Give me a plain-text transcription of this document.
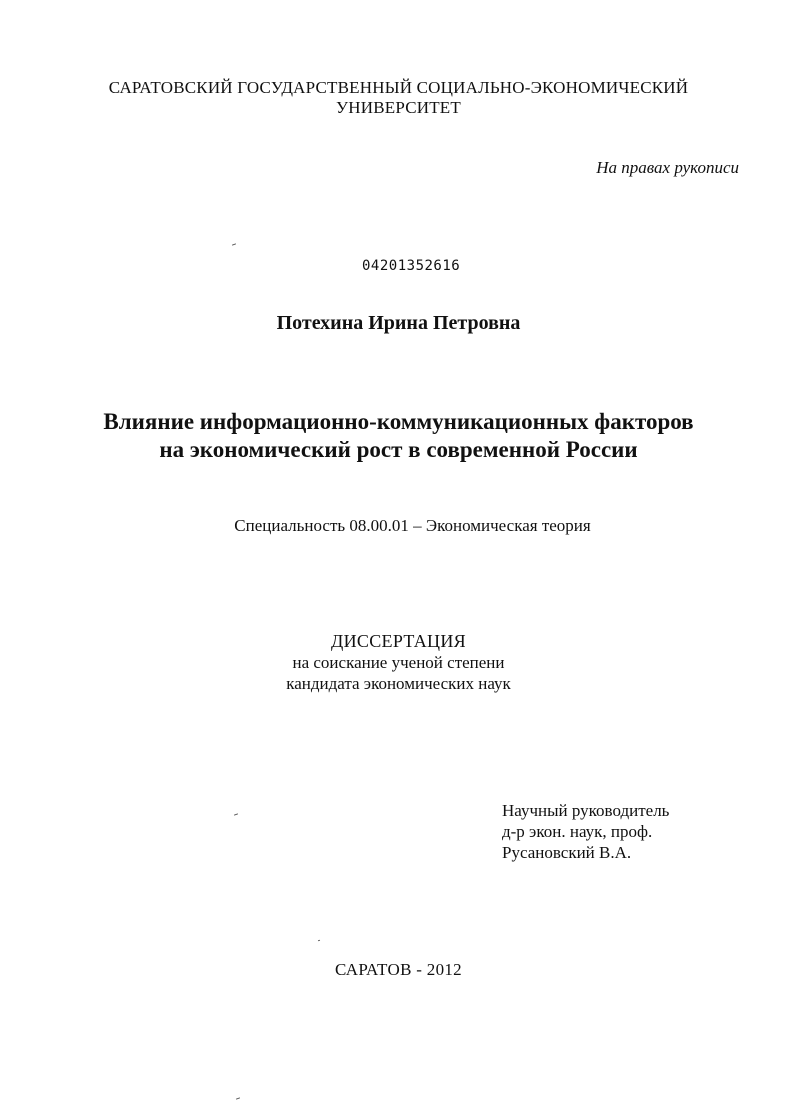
САРАТОВСКИЙ ГОСУДАРСТВЕННЫЙ СОЦИАЛЬНО-ЭКОНОМИЧЕСКИЙ
УНИВЕРСИТЕТ
На правах рукописи
04201352616
Потехина Ирина Петровна
Влияние информационно-коммуникационных факторов
на экономический рост в современной России
Специальность 08.00.01 – Экономическая теория
ДИССЕРТАЦИЯ
на соискание ученой степени
кандидата экономических наук
Научный руководитель
д-р экон. наук, проф.
Русановский В.А.
САРАТОВ - 2012
